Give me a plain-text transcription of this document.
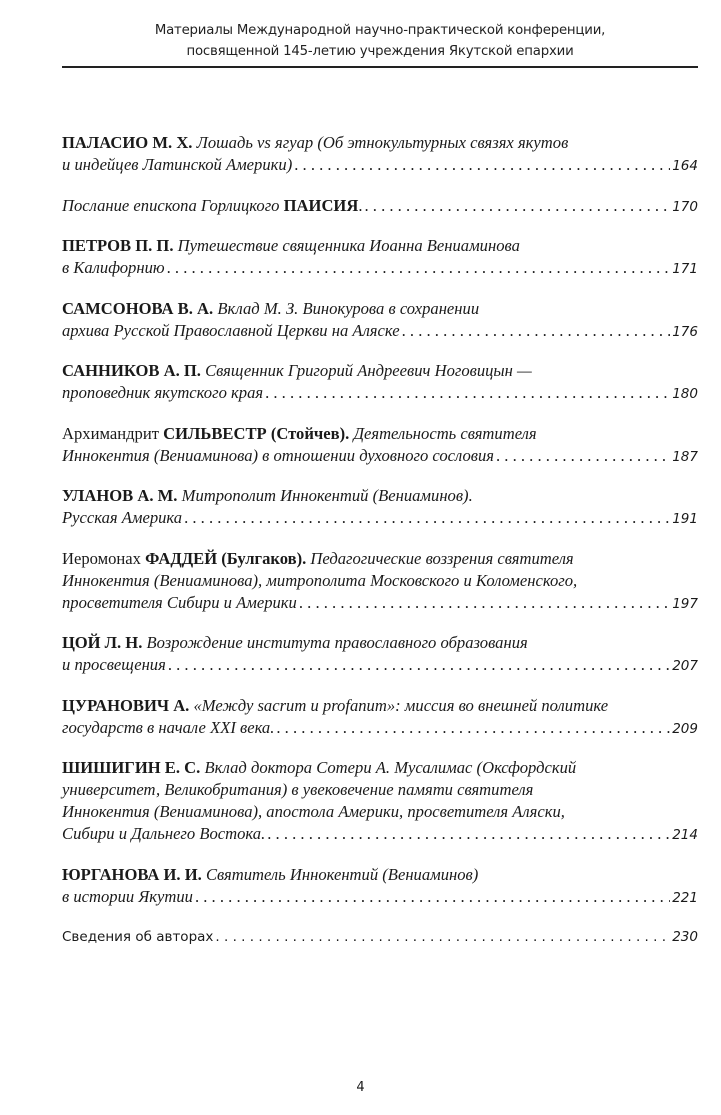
Материалы Международной научно-практической конференции,
посвященной 145-летию учреждения Якутской епархии
ПАЛАСИО М. Х. Лошадь vs ягуар (Об этнокультурных связях якутов
и индейцев Латинской Америки) . . .	164
Послание епископа Горлицкого ПАИСИЯ. . . .	170
ПЕТРОВ П. П. Путешествие священника Иоанна Вениаминова
в Калифорнию . . .	171
САМСОНОВА В. А. Вклад М. З. Винокурова в сохранении
архива Русской Православной Церкви на Аляске . . .	176
САННИКОВ А. П. Священник Григорий Андреевич Ноговицын —
проповедник якутского края . . .	180
Архимандрит СИЛЬВЕСТР (Стойчев). Деятельность святителя
Иннокентия (Вениаминова) в отношении духовного сословия . . .	187
УЛАНОВ А. М. Митрополит Иннокентий (Вениаминов).
Русская Америка . . .	191
Иеромонах ФАДДЕЙ (Булгаков). Педагогические воззрения святителя
Иннокентия (Вениаминова), митрополита Московского и Коломенского,
просветителя Сибири и Америки . . .	197
ЦОЙ Л. Н. Возрождение института православного образования
и просвещения . . .	207
ЦУРАНОВИЧ А. «Между sacrum и profanum»: миссия во внешней политике
государств в начале XXI века. . . .	209
ШИШИГИН Е. С. Вклад доктора Сотери А. Мусалимас (Оксфордский
университет, Великобритания) в увековечение памяти святителя
Иннокентия (Вениаминова), апостола Америки, просветителя Аляски,
Сибири и Дальнего Востока. . . .	214
ЮРГАНОВА И. И. Святитель Иннокентий (Вениаминов)
в истории Якутии . . .	221
Сведения об авторах . . .	230
4
